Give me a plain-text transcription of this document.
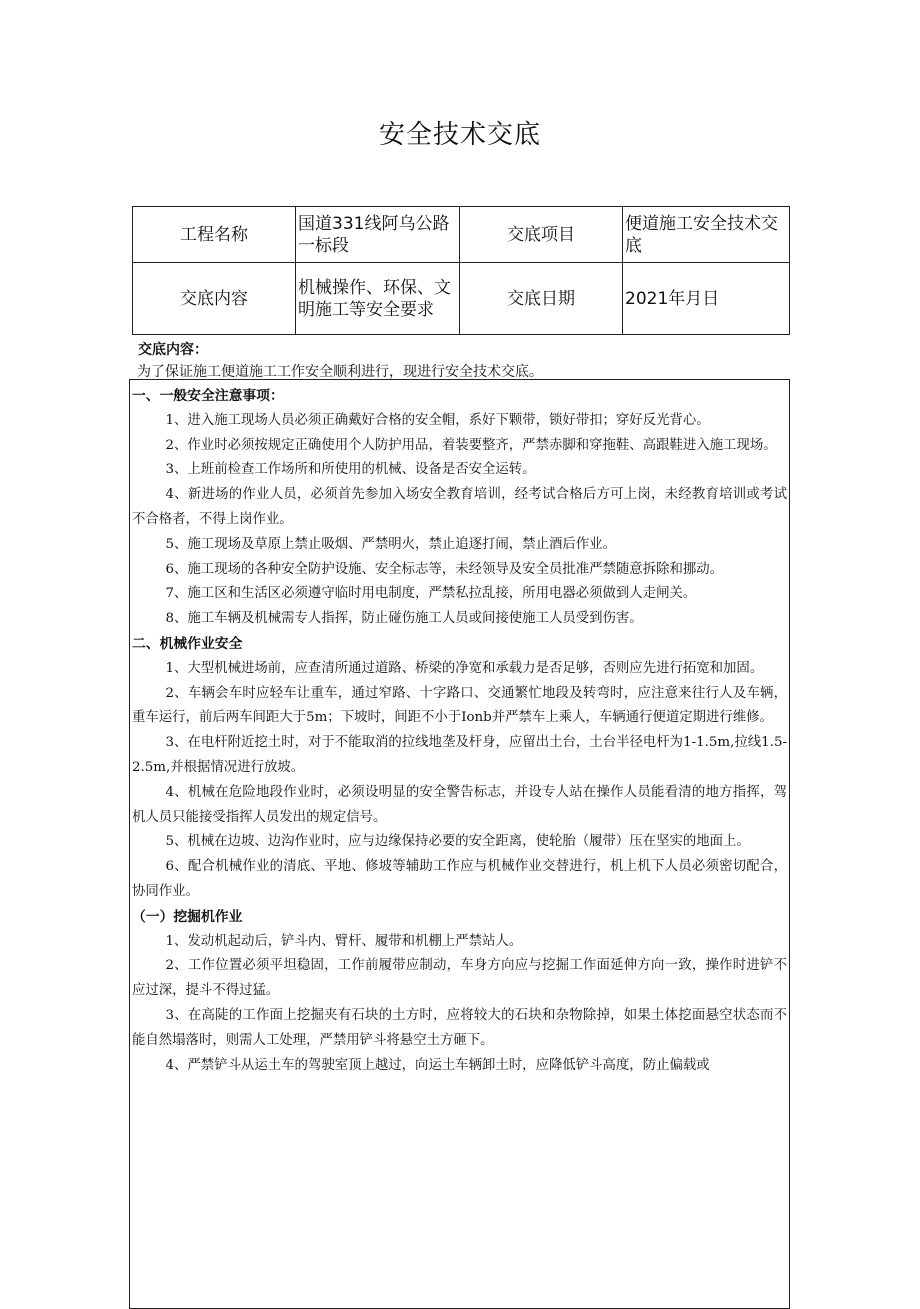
安全技术交底
工程名称	国道331线阿乌公路一标段	交底项目	便道施工安全技术交底
交底内容	机械操作、环保、文明施工等安全要求	交底日期	2021年月日
交底内容：
为了保证施工便道施工工作安全顺利进行，现进行安全技术交底。

一、一般安全注意事项：

1、进入施工现场人员必须正确戴好合格的安全帽，系好下颗带，锁好带扣；穿好反光背心。

2、作业时必须按规定正确使用个人防护用品，着装要整齐，严禁赤脚和穿拖鞋、高跟鞋进入施工现场。

3、上班前检查工作场所和所使用的机械、设备是否安全运转。

4、新进场的作业人员，必须首先参加入场安全教育培训，经考试合格后方可上岗，未经教育培训或考试不合格者，不得上岗作业。

5、施工现场及草原上禁止吸烟、严禁明火，禁止追逐打闹，禁止酒后作业。

6、施工现场的各种安全防护设施、安全标志等，未经领导及安全员批准严禁随意拆除和挪动。

7、施工区和生活区必须遵守临时用电制度，严禁私拉乱接，所用电器必须做到人走闸关。

8、施工车辆及机械需专人指挥，防止碰伤施工人员或间接使施工人员受到伤害。

二、机械作业安全

1、大型机械进场前，应查清所通过道路、桥梁的净宽和承载力是否足够，否则应先进行拓宽和加固。

2、车辆会车时应轻车让重车，通过窄路、十字路口、交通繁忙地段及转弯时，应注意来往行人及车辆，重车运行，前后两车间距大于5m；下坡时，间距不小于Ionb并严禁车上乘人，车辆通行便道定期进行维修。

3、在电杆附近挖土时，对于不能取消的拉线地垄及杆身，应留出土台，土台半径电杆为1-1.5m,拉线1.5-2.5m,并根据情况进行放坡。

4、机械在危险地段作业时，必须设明显的安全警告标志，并设专人站在操作人员能看清的地方指挥，驾机人员只能接受指挥人员发出的规定信号。

5、机械在边坡、边沟作业时，应与边缘保持必要的安全距离，使轮胎（履带）压在坚实的地面上。

6、配合机械作业的清底、平地、修坡等辅助工作应与机械作业交替进行，机上机下人员必须密切配合，协同作业。

（一）挖掘机作业

1、发动机起动后，铲斗内、臂杆、履带和机棚上严禁站人。

2、工作位置必须平坦稳固，工作前履带应制动，车身方向应与挖掘工作面延伸方向一致，操作时进铲不应过深，提斗不得过猛。

3、在高陡的工作面上挖掘夹有石块的土方时，应将较大的石块和杂物除掉，如果土体挖面悬空状态而不能自然塌落时，则需人工处理，严禁用铲斗将悬空土方砸下。

4、严禁铲斗从运土车的驾驶室顶上越过，向运土车辆卸土时，应降低铲斗高度，防止偏载或
